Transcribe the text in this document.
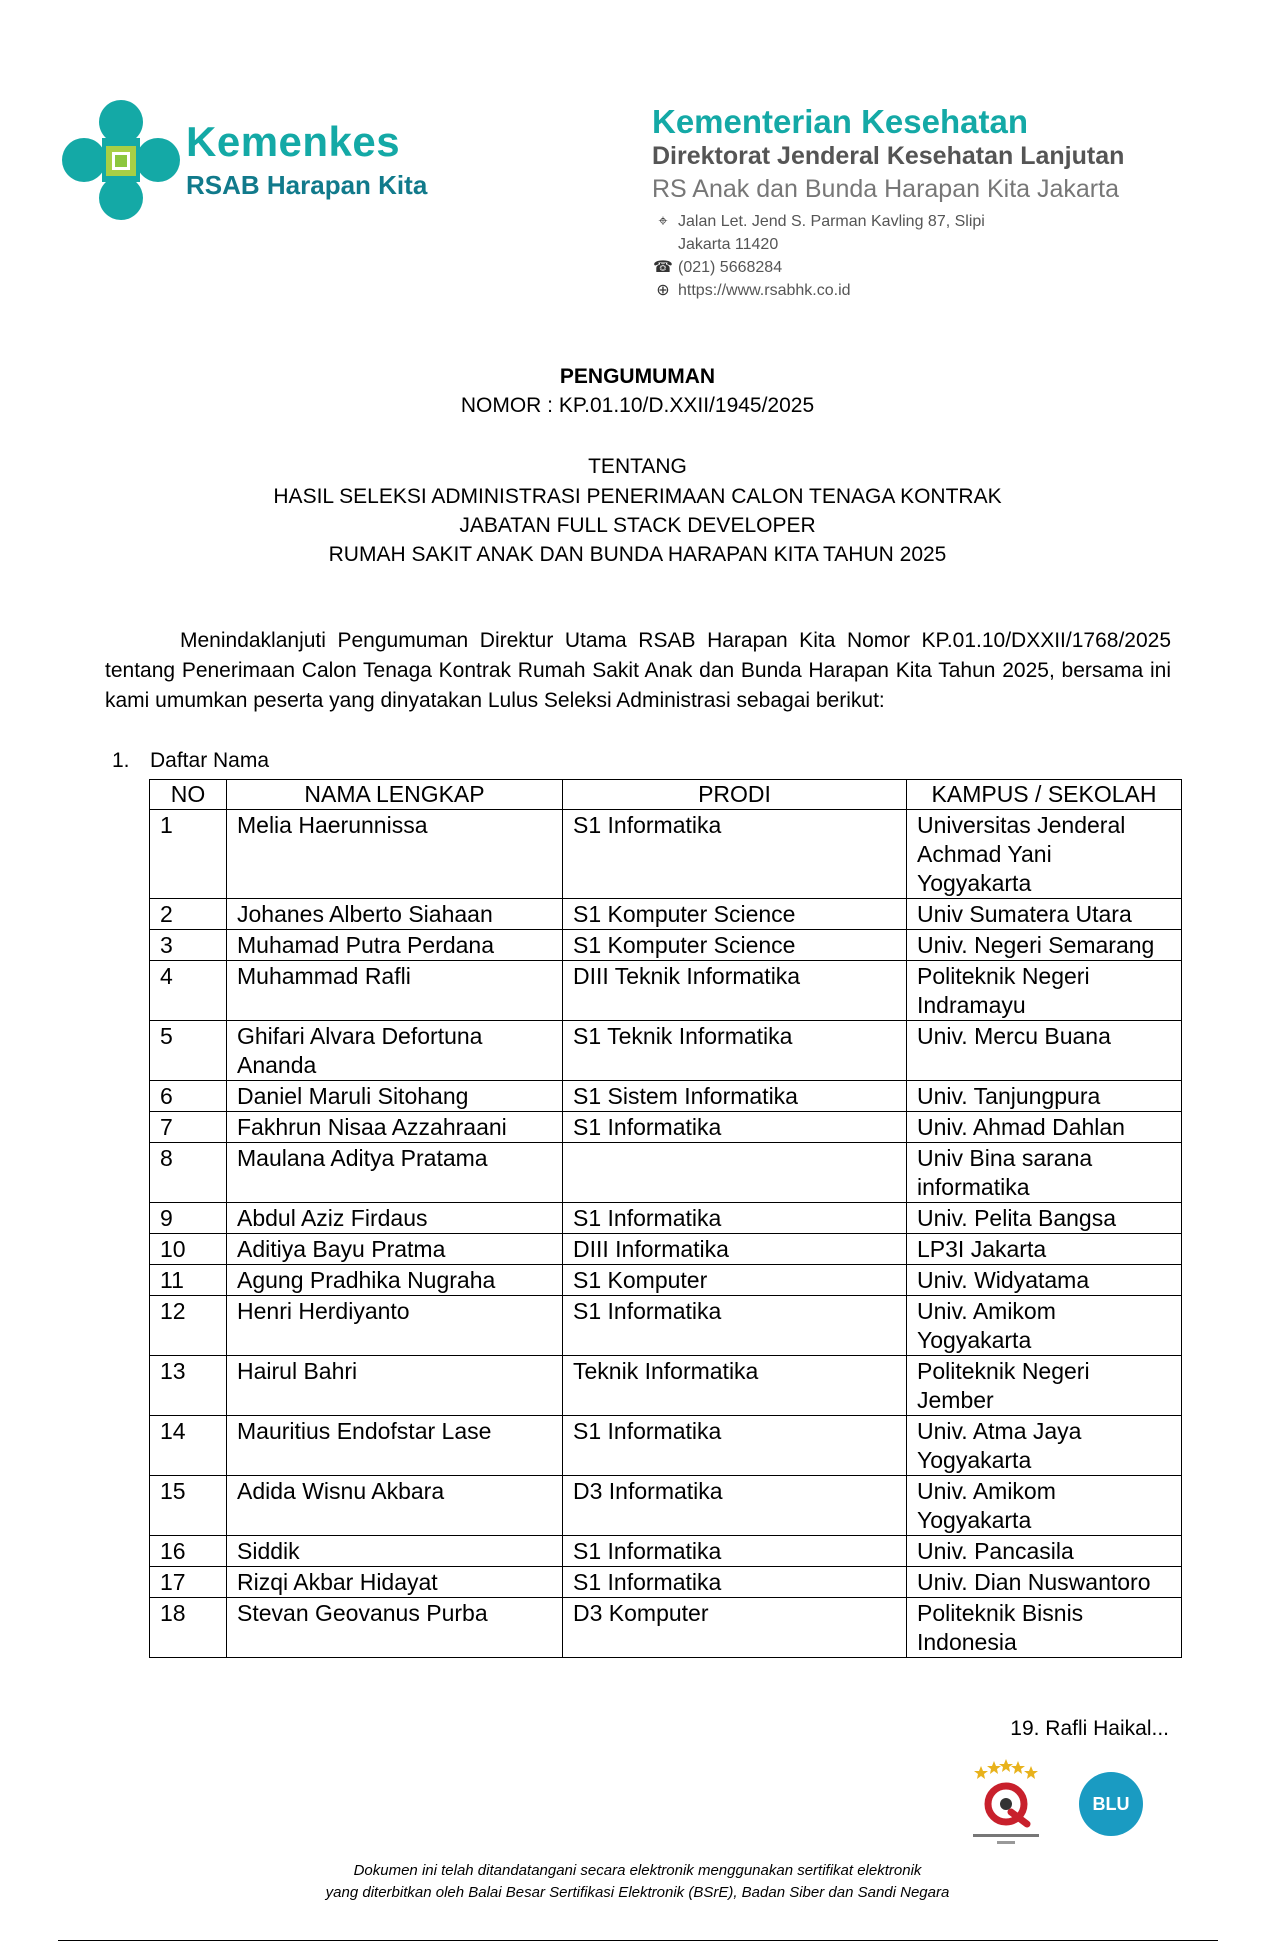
Kemenkes
RSAB Harapan Kita
Kementerian Kesehatan
Direktorat Jenderal Kesehatan Lanjutan
RS Anak dan Bunda Harapan Kita Jakarta
⌖ Jalan Let. Jend S. Parman Kavling 87, Slipi
Jakarta 11420
☎ (021) 5668284
⊕ https://www.rsabhk.co.id
PENGUMUMAN
NOMOR : KP.01.10/D.XXII/1945/2025
TENTANG
HASIL SELEKSI ADMINISTRASI PENERIMAAN CALON TENAGA KONTRAK
JABATAN FULL STACK DEVELOPER
RUMAH SAKIT ANAK DAN BUNDA HARAPAN KITA TAHUN 2025
Menindaklanjuti Pengumuman Direktur Utama RSAB Harapan Kita Nomor KP.01.10/DXXII/1768/2025 tentang Penerimaan Calon Tenaga Kontrak Rumah Sakit Anak dan Bunda Harapan Kita Tahun 2025, bersama ini kami umumkan peserta yang dinyatakan Lulus Seleksi Administrasi sebagai berikut:
1. Daftar Nama
NO	NAMA LENGKAP	PRODI	KAMPUS / SEKOLAH
1	Melia Haerunnissa	S1 Informatika	Universitas Jenderal Achmad Yani Yogyakarta
2	Johanes Alberto Siahaan	S1 Komputer Science	Univ Sumatera Utara
3	Muhamad Putra Perdana	S1 Komputer Science	Univ. Negeri Semarang
4	Muhammad Rafli	DIII Teknik Informatika	Politeknik Negeri Indramayu
5	Ghifari Alvara Defortuna Ananda	S1 Teknik Informatika	Univ. Mercu Buana
6	Daniel Maruli Sitohang	S1 Sistem Informatika	Univ. Tanjungpura
7	Fakhrun Nisaa Azzahraani	S1 Informatika	Univ. Ahmad Dahlan
8	Maulana Aditya Pratama		Univ Bina sarana informatika
9	Abdul Aziz Firdaus	S1 Informatika	Univ. Pelita Bangsa
10	Aditiya Bayu Pratma	DIII Informatika	LP3I Jakarta
11	Agung Pradhika Nugraha	S1 Komputer	Univ. Widyatama
12	Henri Herdiyanto	S1 Informatika	Univ. Amikom Yogyakarta
13	Hairul Bahri	Teknik Informatika	Politeknik Negeri Jember
14	Mauritius Endofstar Lase	S1 Informatika	Univ. Atma Jaya Yogyakarta
15	Adida Wisnu Akbara	D3 Informatika	Univ. Amikom Yogyakarta
16	Siddik	S1 Informatika	Univ. Pancasila
17	Rizqi Akbar Hidayat	S1 Informatika	Univ. Dian Nuswantoro
18	Stevan Geovanus Purba	D3 Komputer	Politeknik Bisnis Indonesia
19. Rafli Haikal...
BLU
Dokumen ini telah ditandatangani secara elektronik menggunakan sertifikat elektronik
yang diterbitkan oleh Balai Besar Sertifikasi Elektronik (BSrE), Badan Siber dan Sandi Negara
